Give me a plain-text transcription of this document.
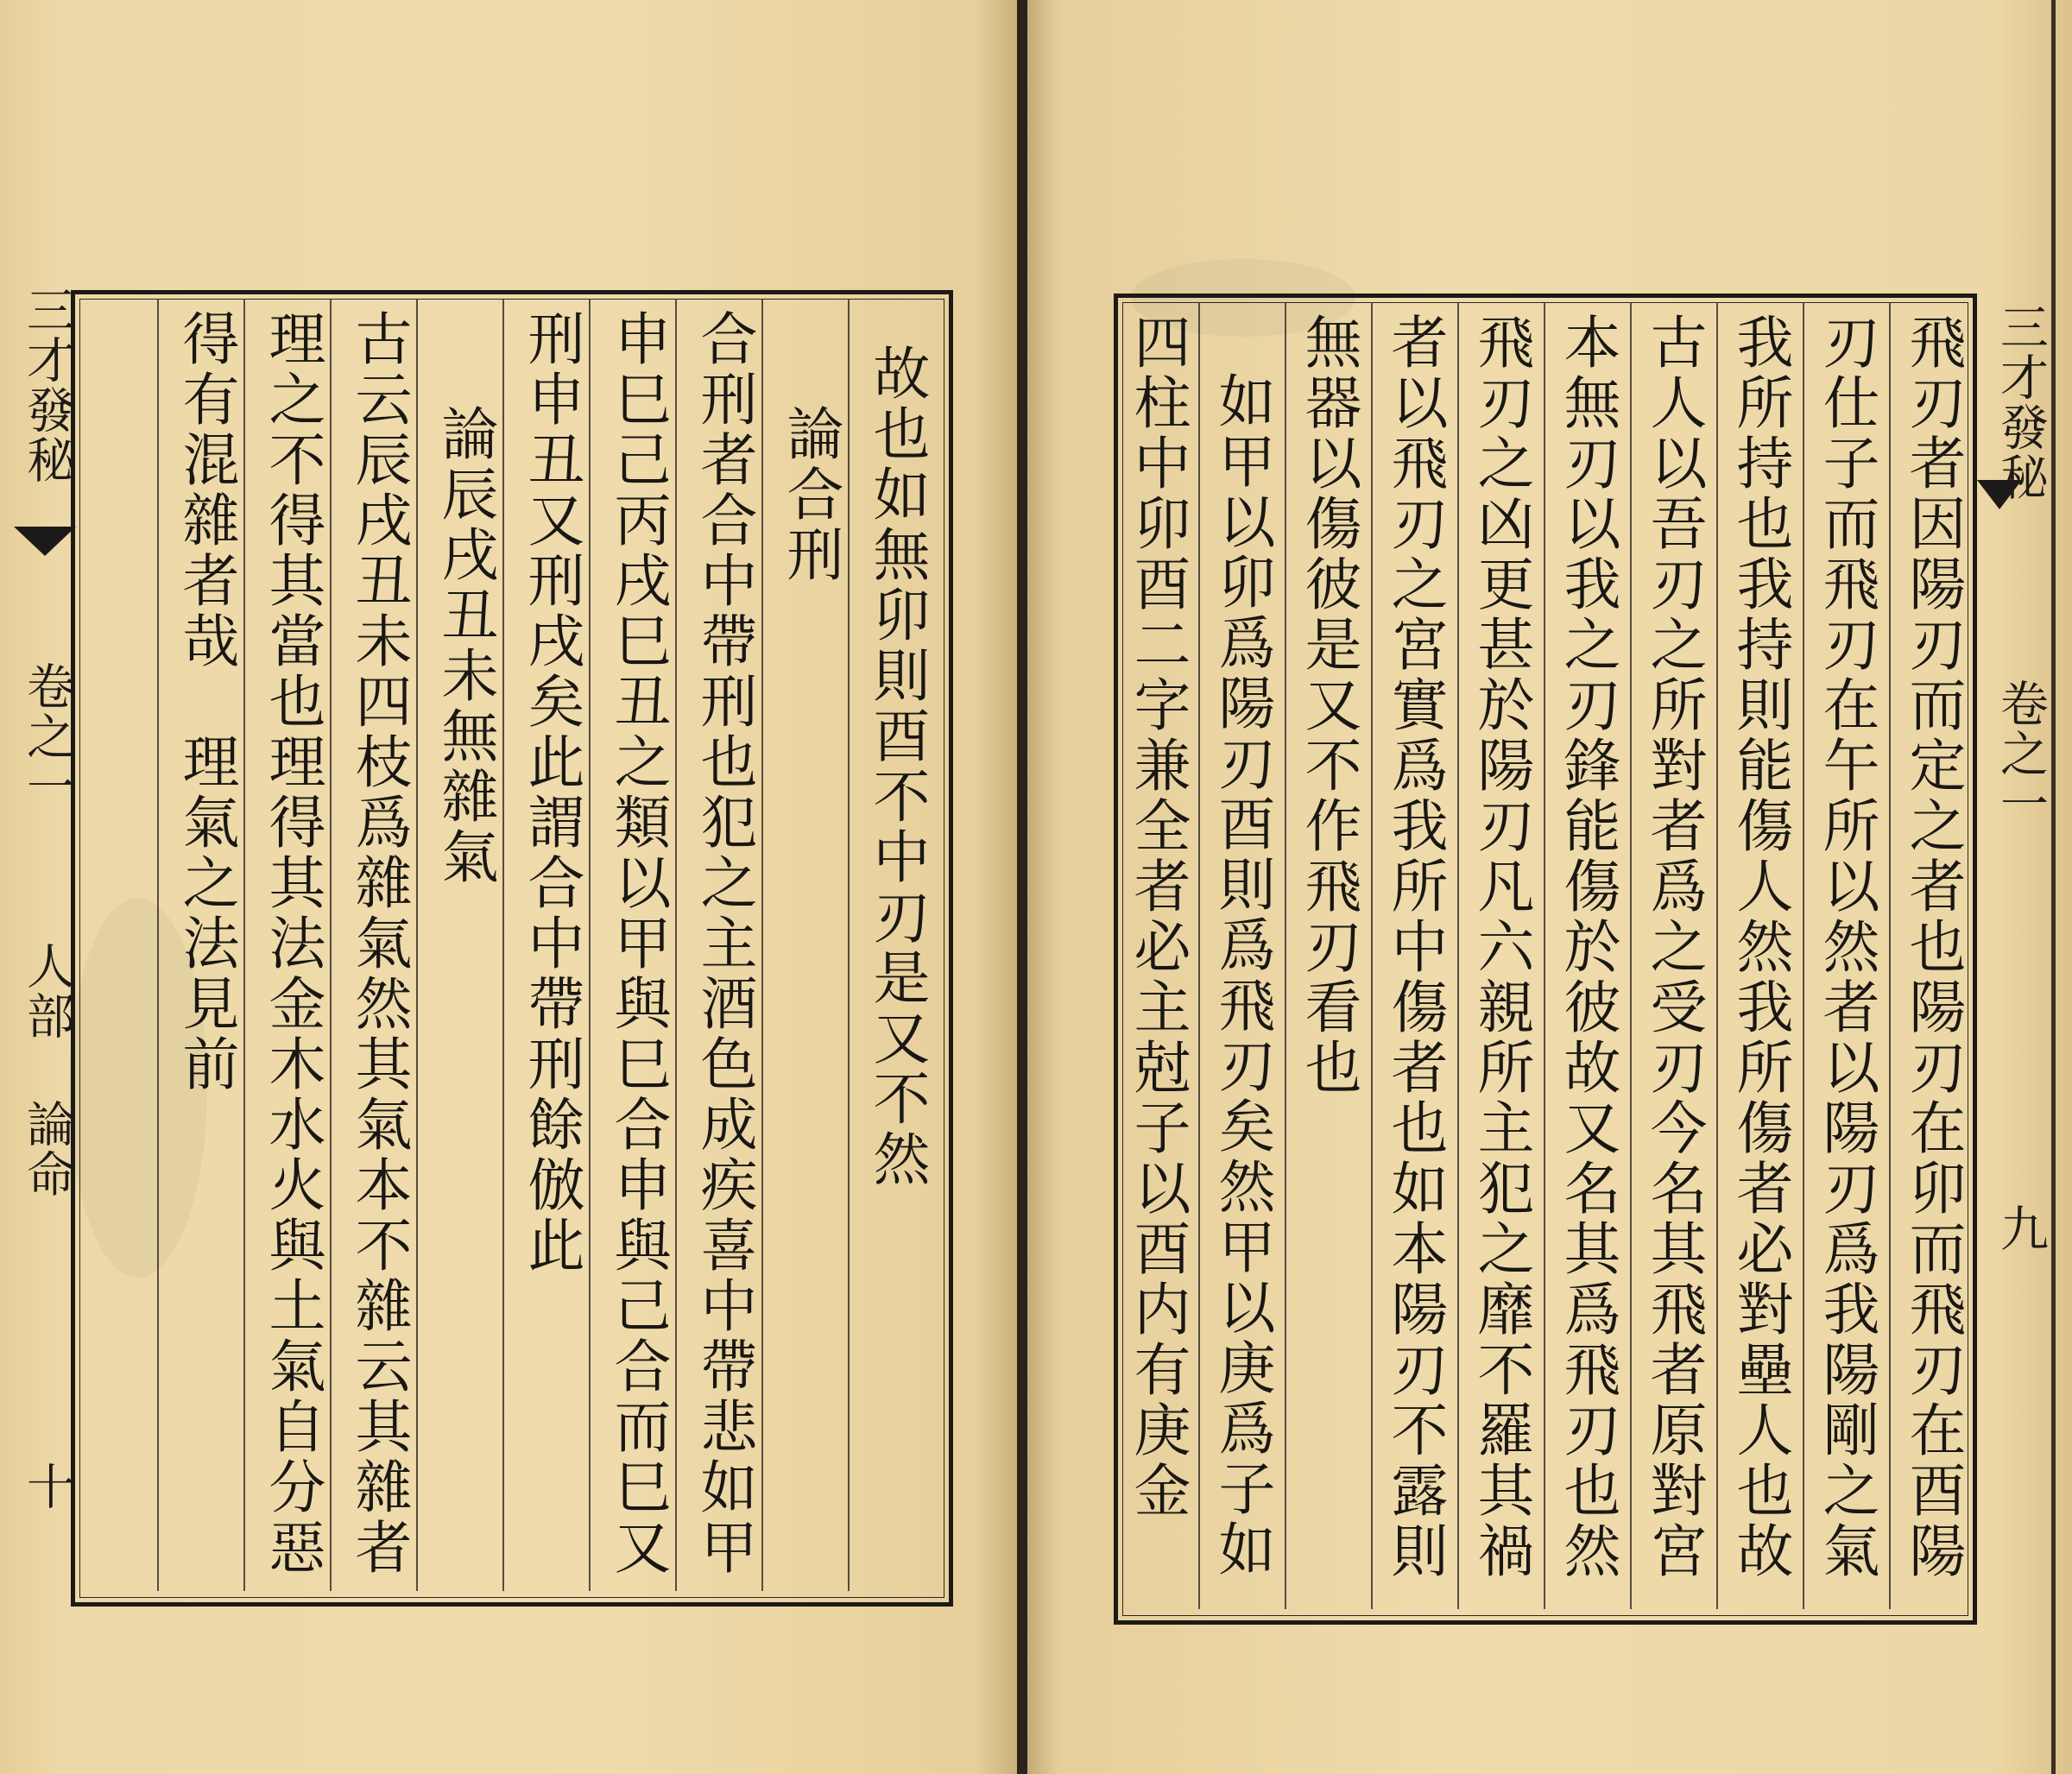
三才發秘  卷之一  人部 論命  十
故也如無卯則酉不中刃是又不然
論合刑
合刑者合中帶刑也犯之主酒色成疾喜中帶悲如甲
申巳己丙戌巳丑之類以甲與巳合申與己合而巳又
刑申丑又刑戌矣此謂合中帶刑餘倣此
論辰戌丑未無雜氣
古云辰戌丑未四枝爲雜氣然其氣本不雜云其雜者
理之不得其當也理得其法金木水火與土氣自分惡
得有混雜者哉　理氣之法見前	飛刃者因陽刃而定之者也陽刃在卯而飛刃在酉陽
刃仕子而飛刃在午所以然者以陽刃爲我陽剛之氣
我所持也我持則能傷人然我所傷者必對壘人也故
古人以吾刃之所對者爲之受刃今名其飛者原對宮
本無刃以我之刃鋒能傷於彼故又名其爲飛刃也然
飛刃之凶更甚於陽刃凡六親所主犯之靡不羅其禍
者以飛刃之宮實爲我所中傷者也如本陽刃不露則
無器以傷彼是又不作飛刃看也
如甲以卯爲陽刃酉則爲飛刃矣然甲以庚爲子如
四柱中卯酉二字兼全者必主尅子以酉内有庚金	三才發秘  卷之一  九
